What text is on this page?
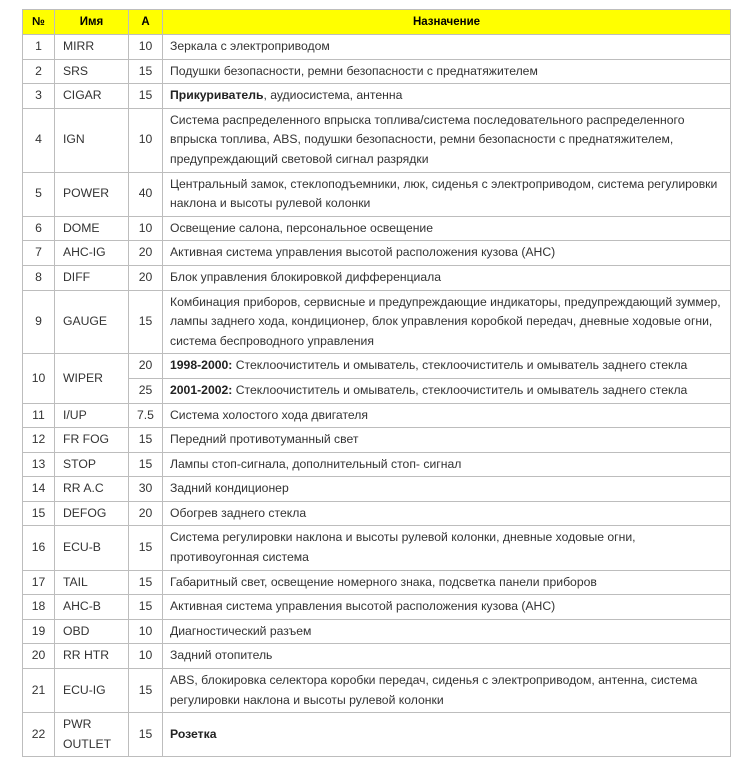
№	Имя	А	Назначение
1	MIRR	10	Зеркала с электроприводом
2	SRS	15	Подушки безопасности, ремни безопасности с преднатяжителем
3	CIGAR	15	Прикуриватель, аудиосистема, антенна
4	IGN	10	Система распределенного впрыска топлива/система последовательного распределенного впрыска топлива, ABS, подушки безопасности, ремни безопасности с преднатяжителем, предупреждающий световой сигнал разрядки
5	POWER	40	Центральный замок, стеклоподъемники, люк, сиденья с электроприводом, система регулировки наклона и высоты рулевой колонки
6	DOME	10	Освещение салона, персональное освещение
7	AHC-IG	20	Активная система управления высотой расположения кузова (АНС)
8	DIFF	20	Блок управления блокировкой дифференциала
9	GAUGE	15	Комбинация приборов, сервисные и предупреждающие индикаторы, предупреждающий зуммер, лампы заднего хода, кондиционер, блок управления коробкой передач, дневные ходовые огни, система беспроводного управления
10	WIPER	20	1998-2000: Стеклоочиститель и омыватель, стеклоочиститель и омыватель заднего стекла
		25	2001-2002: Стеклоочиститель и омыватель, стеклоочиститель и омыватель заднего стекла
11	I/UP	7.5	Система холостого хода двигателя
12	FR FOG	15	Передний противотуманный свет
13	STOP	15	Лампы стоп-сигнала, дополнительный стоп- сигнал
14	RR A.C	30	Задний кондиционер
15	DEFOG	20	Обогрев заднего стекла
16	ECU-B	15	Система регулировки наклона и высоты рулевой колонки, дневные ходовые огни, противоугонная система
17	TAIL	15	Габаритный свет, освещение номерного знака, подсветка панели приборов
18	AHC-B	15	Активная система управления высотой расположения кузова (АНС)
19	OBD	10	Диагностический разъем
20	RR HTR	10	Задний отопитель
21	ECU-IG	15	ABS, блокировка селектора коробки передач, сиденья с электроприводом, антенна, система регулировки наклона и высоты рулевой колонки
22	PWR OUTLET	15	Розетка
